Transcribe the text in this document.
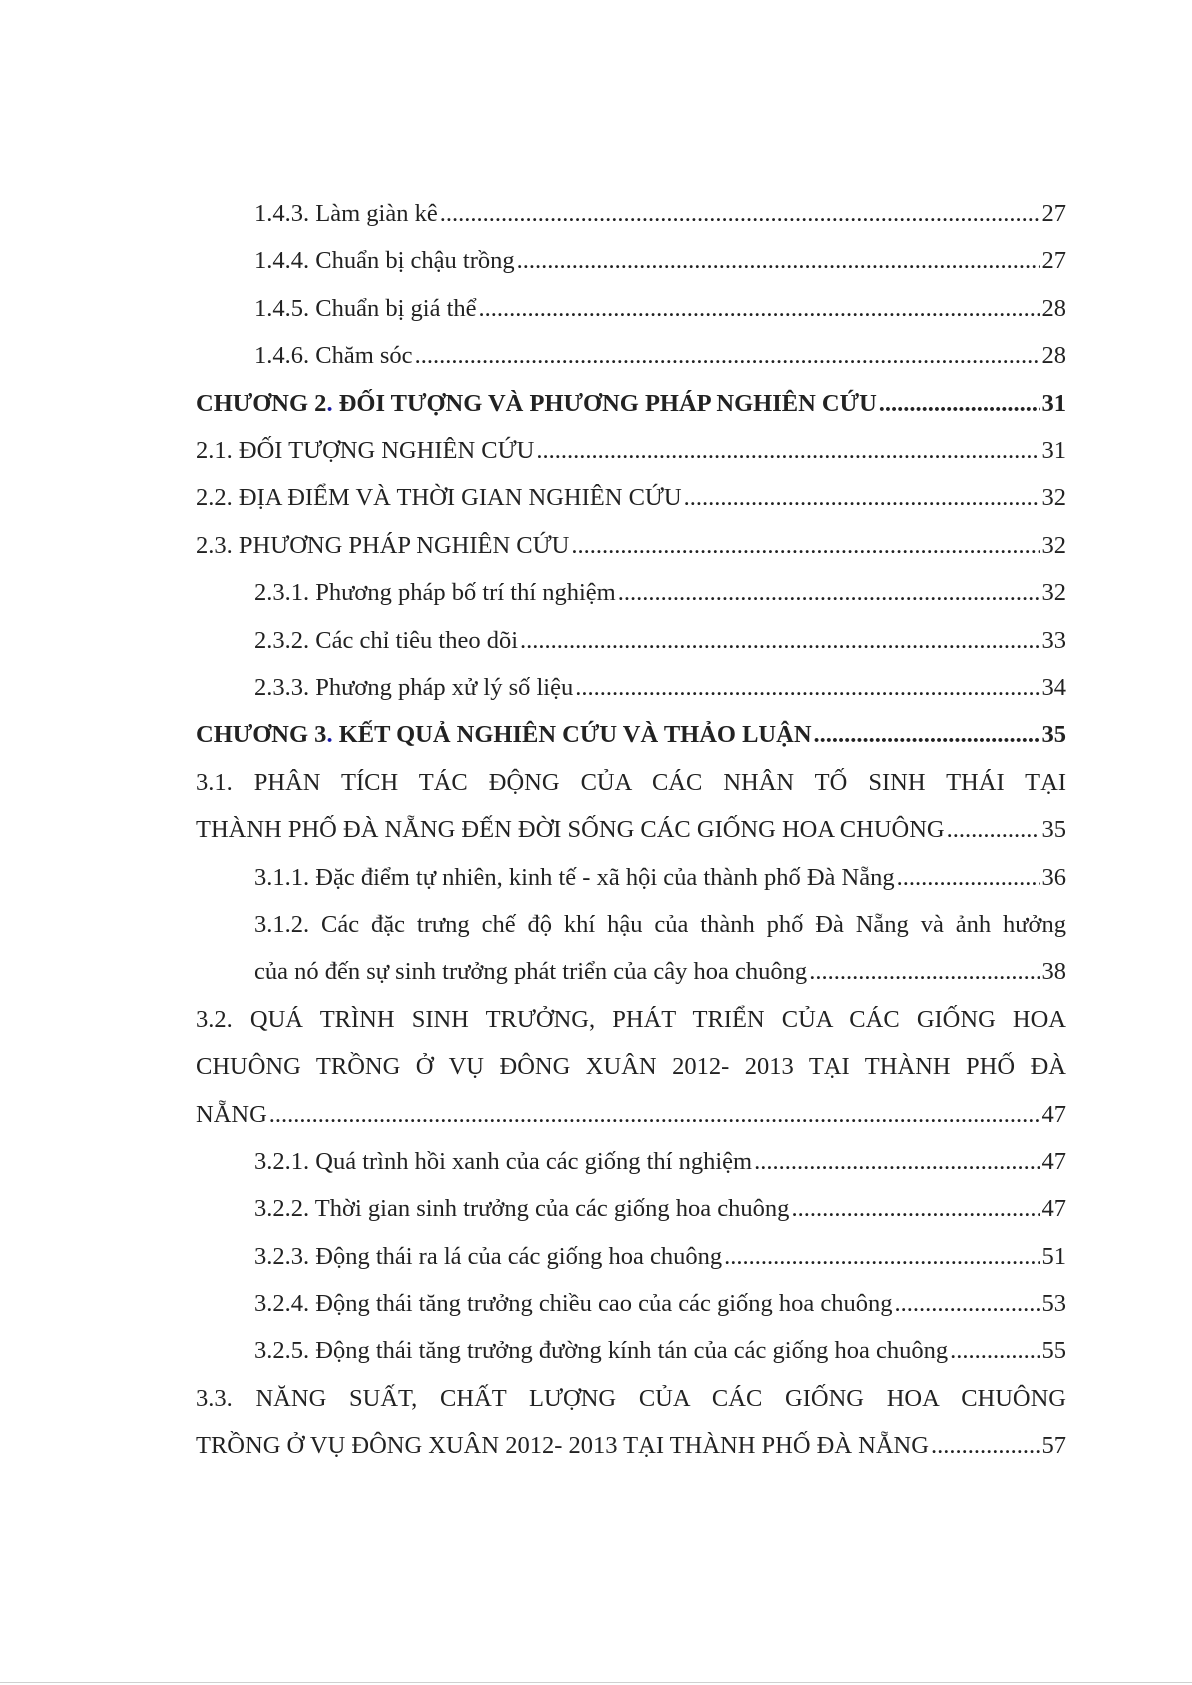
1.4.3. Làm giàn kê .....	27
1.4.4. Chuẩn bị chậu trồng .....	27
1.4.5. Chuẩn bị giá thể .....	28
1.4.6. Chăm sóc .....	28
CHƯƠNG 2. ĐỐI TƯỢNG VÀ PHƯƠNG PHÁP NGHIÊN CỨU .....	31
2.1. ĐỐI TƯỢNG NGHIÊN CỨU .....	31
2.2. ĐỊA ĐIỂM VÀ THỜI GIAN NGHIÊN CỨU .....	32
2.3. PHƯƠNG PHÁP NGHIÊN CỨU .....	32
2.3.1. Phương pháp bố trí thí nghiệm .....	32
2.3.2. Các chỉ tiêu theo dõi .....	33
2.3.3. Phương pháp xử lý số liệu .....	34
CHƯƠNG 3. KẾT QUẢ NGHIÊN CỨU VÀ THẢO LUẬN .....	35
3.1. PHÂN TÍCH TÁC ĐỘNG CỦA CÁC NHÂN TỐ SINH THÁI TẠI
THÀNH PHỐ ĐÀ NẴNG ĐẾN ĐỜI SỐNG CÁC GIỐNG HOA CHUÔNG .....	35
3.1.1. Đặc điểm tự nhiên, kinh tế - xã hội của thành phố Đà Nẵng .....	36
3.1.2. Các đặc trưng chế độ khí hậu của thành phố Đà Nẵng và ảnh hưởng
của nó đến sự sinh trưởng phát triển của cây hoa chuông .....	38
3.2. QUÁ TRÌNH SINH TRƯỞNG, PHÁT TRIỂN CỦA CÁC GIỐNG HOA
CHUÔNG TRỒNG Ở VỤ ĐÔNG XUÂN 2012- 2013 TẠI THÀNH PHỐ ĐÀ
NẴNG .....	47
3.2.1. Quá trình hồi xanh của các giống thí nghiệm .....	47
3.2.2. Thời gian sinh trưởng của các giống hoa chuông .....	47
3.2.3. Động thái ra lá của các giống hoa chuông .....	51
3.2.4. Động thái tăng trưởng chiều cao của các giống hoa chuông .....	53
3.2.5. Động thái tăng trưởng đường kính tán của các giống hoa chuông .....	55
3.3. NĂNG SUẤT, CHẤT LƯỢNG CỦA CÁC GIỐNG HOA CHUÔNG
TRỒNG Ở VỤ ĐÔNG XUÂN 2012- 2013 TẠI THÀNH PHỐ ĐÀ NẴNG .....	57
